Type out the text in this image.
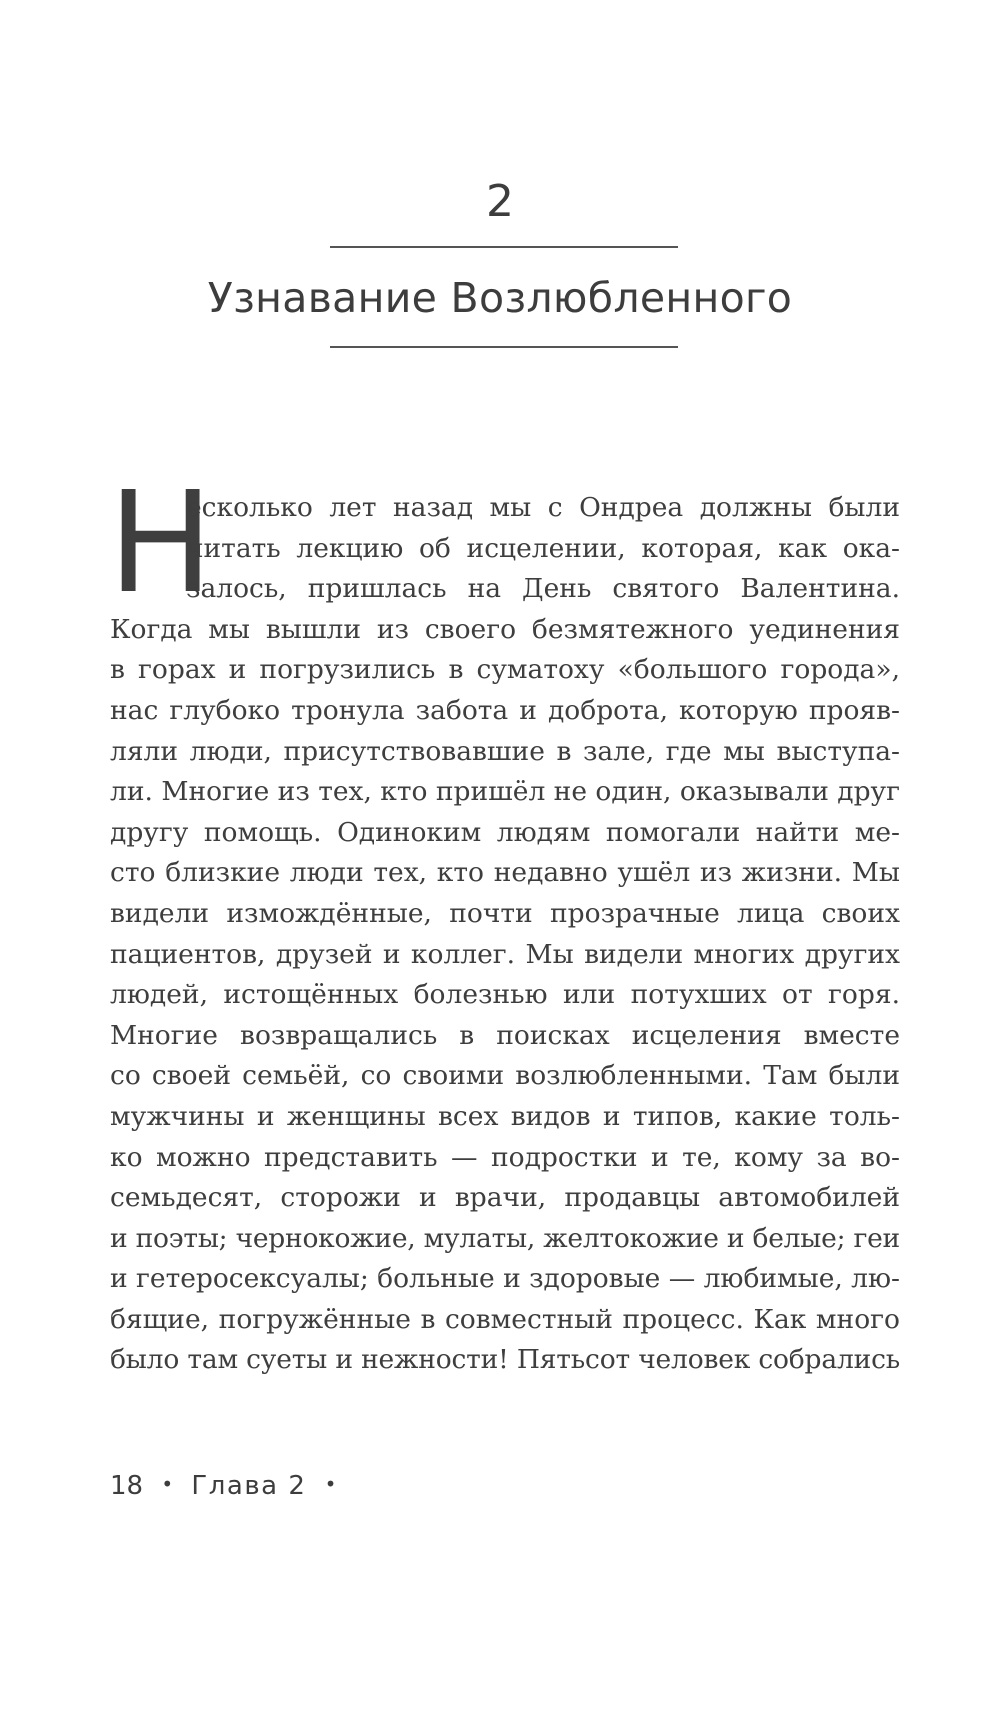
2
Узнавание Возлюбленного
Н
есколько лет назад мы с Ондреа должны были
читать лекцию об исцелении, которая, как ока-
залось, пришлась на День святого Валентина.
Когда мы вышли из своего безмятежного уединения
в горах и погрузились в суматоху «большого города»,
нас глубоко тронула забота и доброта, которую прояв-
ляли люди, присутствовавшие в зале, где мы выступа-
ли. Многие из тех, кто пришёл не один, оказывали друг
другу помощь. Одиноким людям помогали найти ме-
сто близкие люди тех, кто недавно ушёл из жизни. Мы
видели измождённые, почти прозрачные лица своих
пациентов, друзей и коллег. Мы видели многих других
людей, истощённых болезнью или потухших от горя.
Многие возвращались в поисках исцеления вместе
со своей семьёй, со своими возлюбленными. Там были
мужчины и женщины всех видов и типов, какие толь-
ко можно представить — подростки и те, кому за во-
семьдесят, сторожи и врачи, продавцы автомобилей
и поэты; чернокожие, мулаты, желтокожие и белые; геи
и гетеросексуалы; больные и здоровые — любимые, лю-
бящие, погружённые в совместный процесс. Как много
было там суеты и нежности! Пятьсот человек собрались
18 • Глава 2 •
